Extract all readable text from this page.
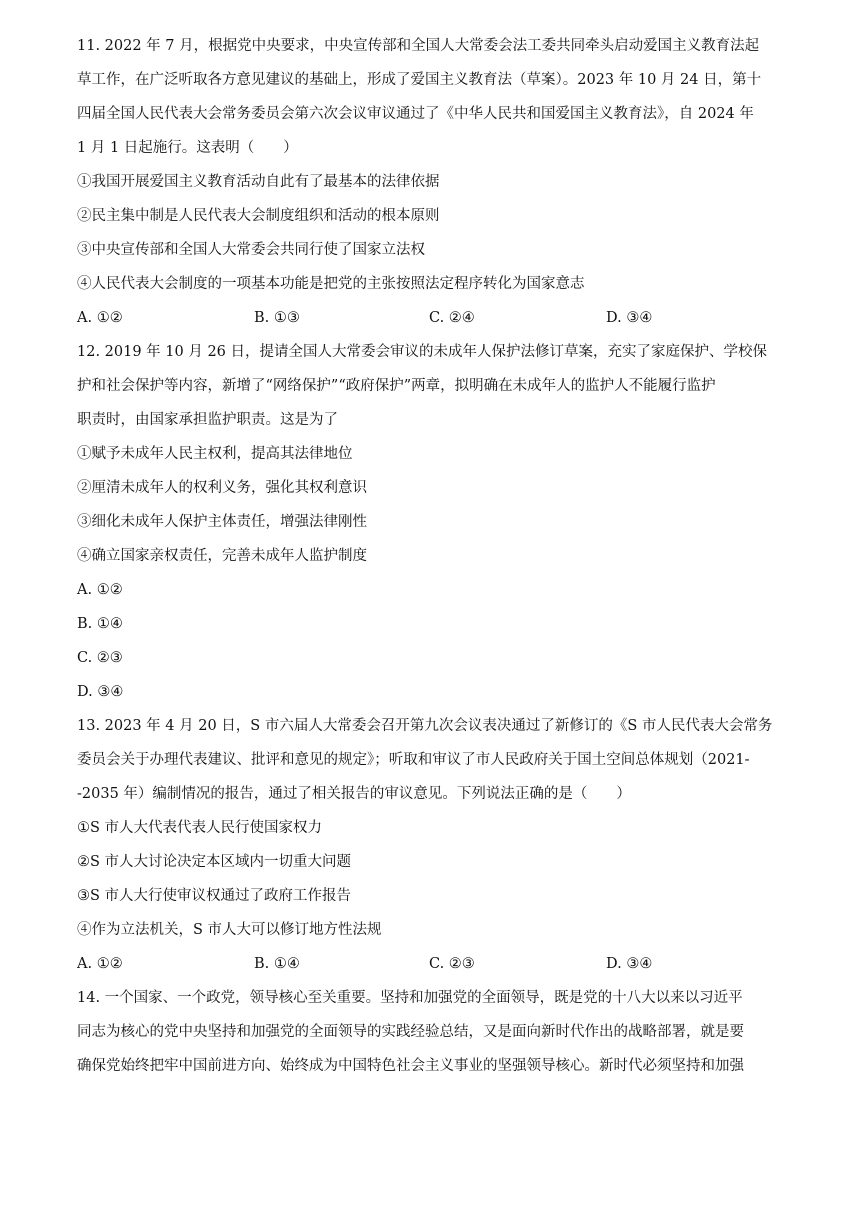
11. 2022 年 7 月，根据党中央要求，中央宣传部和全国人大常委会法工委共同牵头启动爱国主义教育法起
草工作，在广泛听取各方意见建议的基础上，形成了爱国主义教育法（草案）。2023 年 10 月 24 日，第十
四届全国人民代表大会常务委员会第六次会议审议通过了《中华人民共和国爱国主义教育法》，自 2024 年
1 月 1 日起施行。这表明（　　）
①我国开展爱国主义教育活动自此有了最基本的法律依据
②民主集中制是人民代表大会制度组织和活动的根本原则
③中央宣传部和全国人大常委会共同行使了国家立法权
④人民代表大会制度的一项基本功能是把党的主张按照法定程序转化为国家意志
A. ①②	B. ①③	C. ②④	D. ③④
12. 2019 年 10 月 26 日，提请全国人大常委会审议的未成年人保护法修订草案，充实了家庭保护、学校保
护和社会保护等内容，新增了“网络保护”“政府保护”两章，拟明确在未成年人的监护人不能履行监护
职责时，由国家承担监护职责。这是为了
①赋予未成年人民主权利，提高其法律地位
②厘清未成年人的权利义务，强化其权利意识
③细化未成年人保护主体责任，增强法律刚性
④确立国家亲权责任，完善未成年人监护制度
A. ①②
B. ①④
C. ②③
D. ③④
13. 2023 年 4 月 20 日，S 市六届人大常委会召开第九次会议表决通过了新修订的《S 市人民代表大会常务
委员会关于办理代表建议、批评和意见的规定》；听取和审议了市人民政府关于国土空间总体规划（2021-
-2035 年）编制情况的报告，通过了相关报告的审议意见。下列说法正确的是（　　）
①S 市人大代表代表人民行使国家权力
②S 市人大讨论决定本区域内一切重大问题
③S 市人大行使审议权通过了政府工作报告
④作为立法机关，S 市人大可以修订地方性法规
A. ①②	B. ①④	C. ②③	D. ③④
14. 一个国家、一个政党，领导核心至关重要。坚持和加强党的全面领导，既是党的十八大以来以习近平
同志为核心的党中央坚持和加强党的全面领导的实践经验总结，又是面向新时代作出的战略部署，就是要
确保党始终把牢中国前进方向、始终成为中国特色社会主义事业的坚强领导核心。新时代必须坚持和加强
